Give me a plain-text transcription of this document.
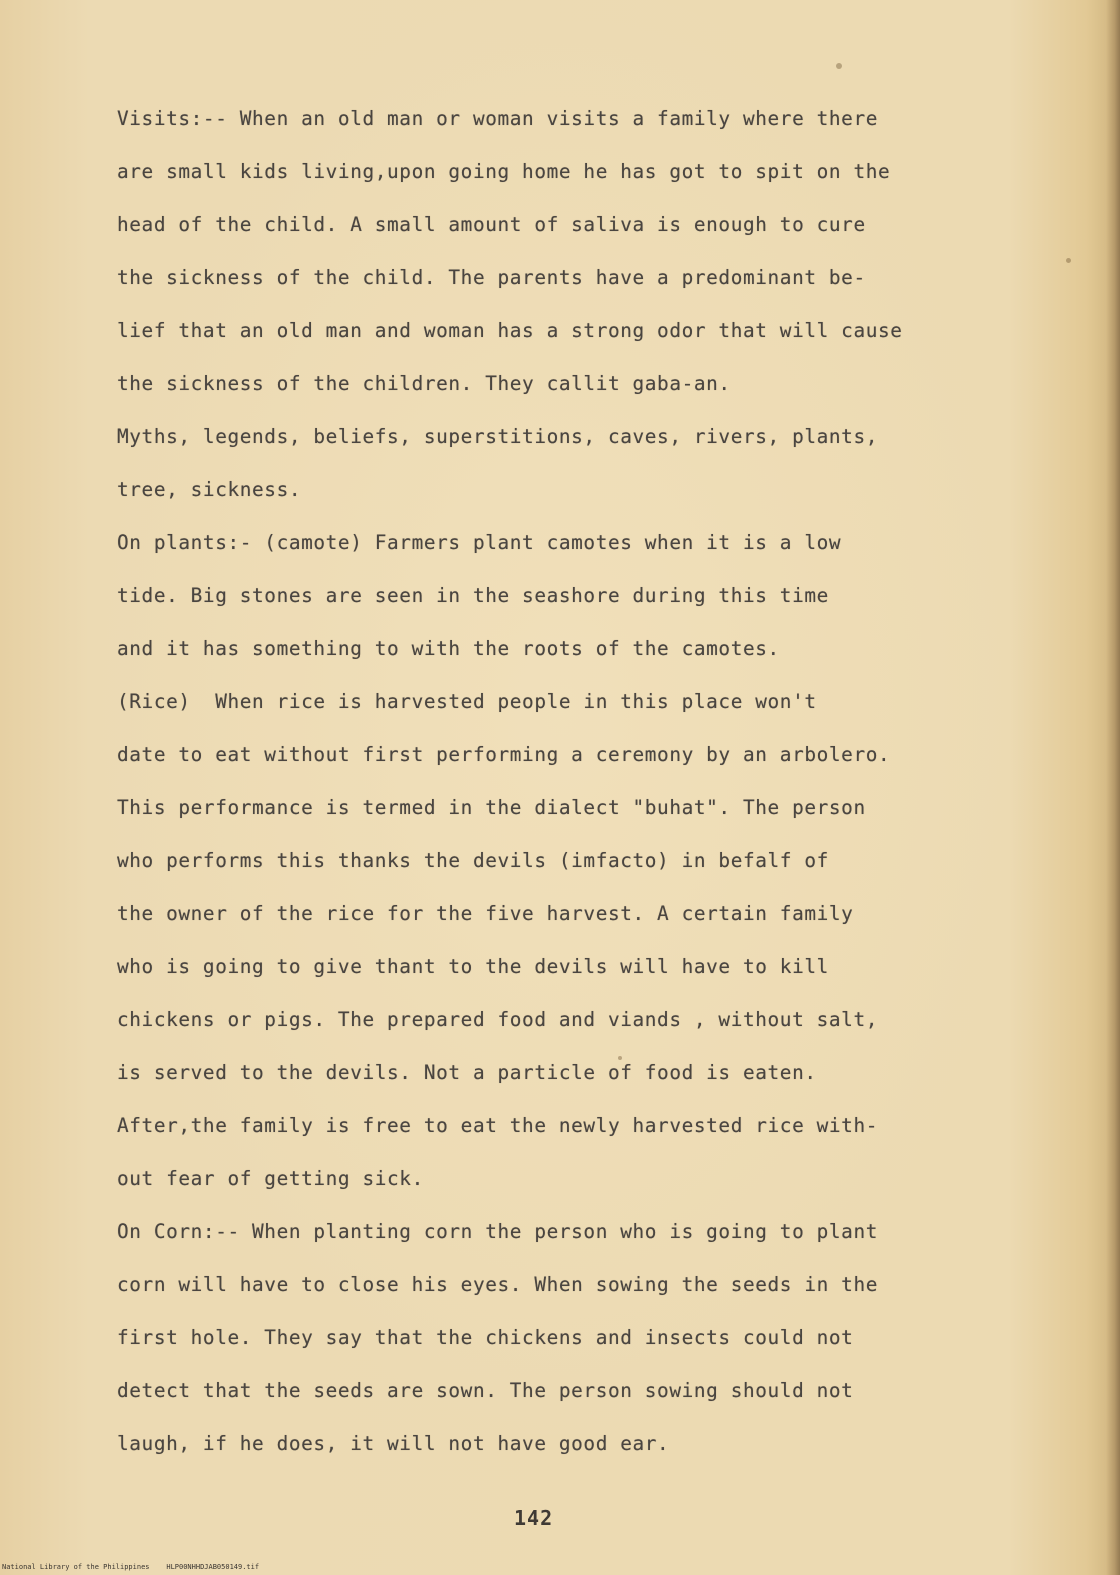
Visits:-- When an old man or woman visits a family where there
are small kids living,upon going home he has got to spit on the
head of the child. A small amount of saliva is enough to cure
the sickness of the child. The parents have a predominant be-
lief that an old man and woman has a strong odor that will cause
the sickness of the children. They callit gaba-an.
Myths, legends, beliefs, superstitions, caves, rivers, plants,
tree, sickness.
On plants:- (camote) Farmers plant camotes when it is a low
tide. Big stones are seen in the seashore during this time
and it has something to with the roots of the camotes.
(Rice)  When rice is harvested people in this place won't
date to eat without first performing a ceremony by an arbolero.
This performance is termed in the dialect "buhat". The person
who performs this thanks the devils (imfacto) in befalf of
the owner of the rice for the five harvest. A certain family
who is going to give thant to the devils will have to kill
chickens or pigs. The prepared food and viands , without salt,
is served to the devils. Not a particle of food is eaten.
After,the family is free to eat the newly harvested rice with-
out fear of getting sick.
On Corn:-- When planting corn the person who is going to plant
corn will have to close his eyes. When sowing the seeds in the
first hole. They say that the chickens and insects could not
detect that the seeds are sown. The person sowing should not
laugh, if he does, it will not have good ear.
142
National Library of the Philippines    HLP00NHHDJAB050149.tif
